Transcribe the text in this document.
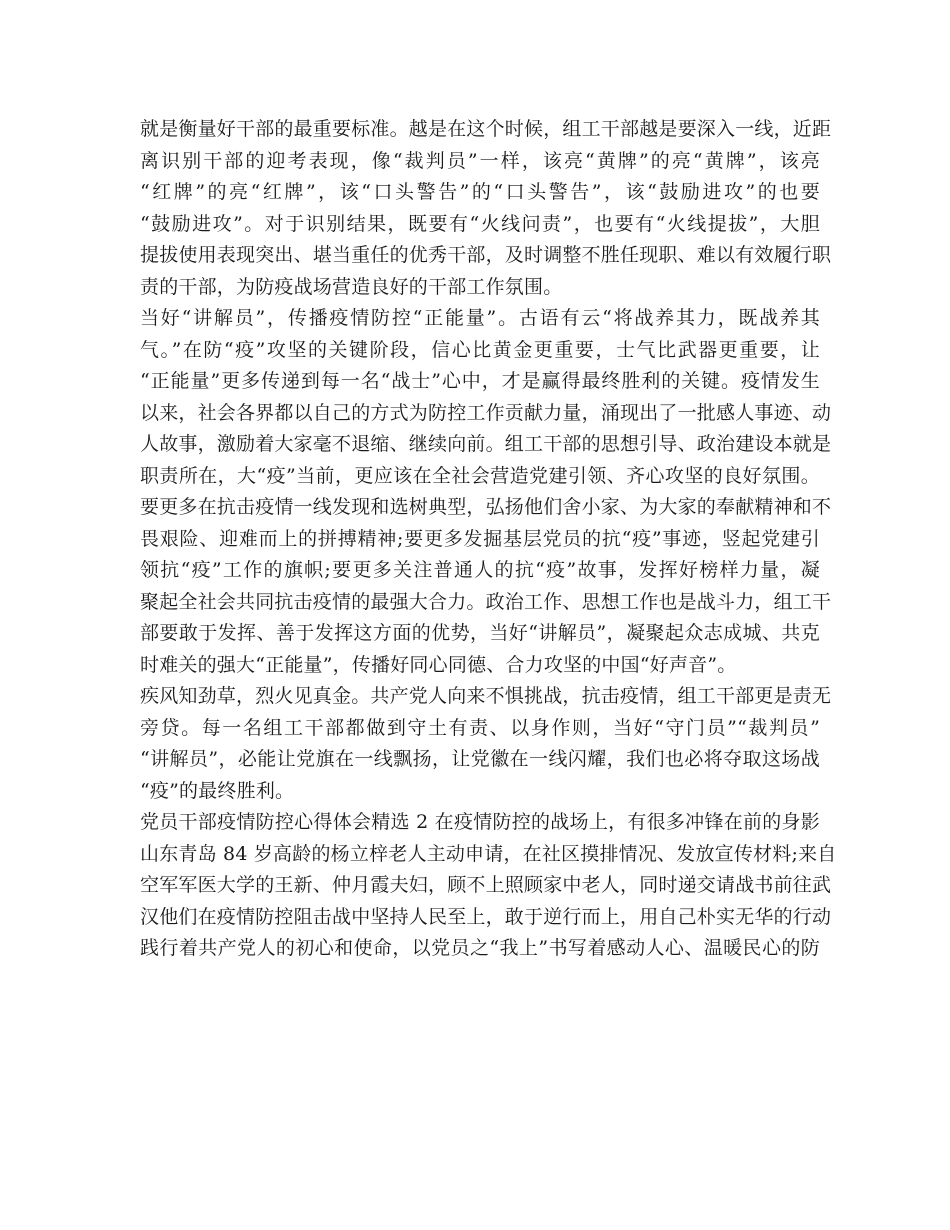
就是衡量好干部的最重要标准。越是在这个时候，组工干部越是要深入一线，近距
离识别干部的迎考表现，像“裁判员”一样，该亮“黄牌”的亮“黄牌”，该亮
“红牌”的亮“红牌”，该“口头警告”的“口头警告”，该“鼓励进攻”的也要
“鼓励进攻”。对于识别结果，既要有“火线问责”，也要有“火线提拔”，大胆
提拔使用表现突出、堪当重任的优秀干部，及时调整不胜任现职、难以有效履行职
责的干部，为防疫战场营造良好的干部工作氛围。
当好“讲解员”，传播疫情防控“正能量”。古语有云“将战养其力，既战养其
气。”在防“疫”攻坚的关键阶段，信心比黄金更重要，士气比武器更重要，让
“正能量”更多传递到每一名“战士”心中，才是赢得最终胜利的关键。疫情发生
以来，社会各界都以自己的方式为防控工作贡献力量，涌现出了一批感人事迹、动
人故事，激励着大家毫不退缩、继续向前。组工干部的思想引导、政治建设本就是
职责所在，大“疫”当前，更应该在全社会营造党建引领、齐心攻坚的良好氛围。
要更多在抗击疫情一线发现和选树典型，弘扬他们舍小家、为大家的奉献精神和不
畏艰险、迎难而上的拼搏精神;要更多发掘基层党员的抗“疫”事迹，竖起党建引
领抗“疫”工作的旗帜;要更多关注普通人的抗“疫”故事，发挥好榜样力量，凝
聚起全社会共同抗击疫情的最强大合力。政治工作、思想工作也是战斗力，组工干
部要敢于发挥、善于发挥这方面的优势，当好“讲解员”，凝聚起众志成城、共克
时难关的强大“正能量”，传播好同心同德、合力攻坚的中国“好声音”。
疾风知劲草，烈火见真金。共产党人向来不惧挑战，抗击疫情，组工干部更是责无
旁贷。每一名组工干部都做到守土有责、以身作则，当好“守门员”“裁判员”
“讲解员”，必能让党旗在一线飘扬，让党徽在一线闪耀，我们也必将夺取这场战
“疫”的最终胜利。
党员干部疫情防控心得体会精选 2 在疫情防控的战场上，有很多冲锋在前的身影
山东青岛 84 岁高龄的杨立梓老人主动申请，在社区摸排情况、发放宣传材料;来自
空军军医大学的王新、仲月霞夫妇，顾不上照顾家中老人，同时递交请战书前往武
汉他们在疫情防控阻击战中坚持人民至上，敢于逆行而上，用自己朴实无华的行动
践行着共产党人的初心和使命，以党员之“我上”书写着感动人心、温暖民心的防
